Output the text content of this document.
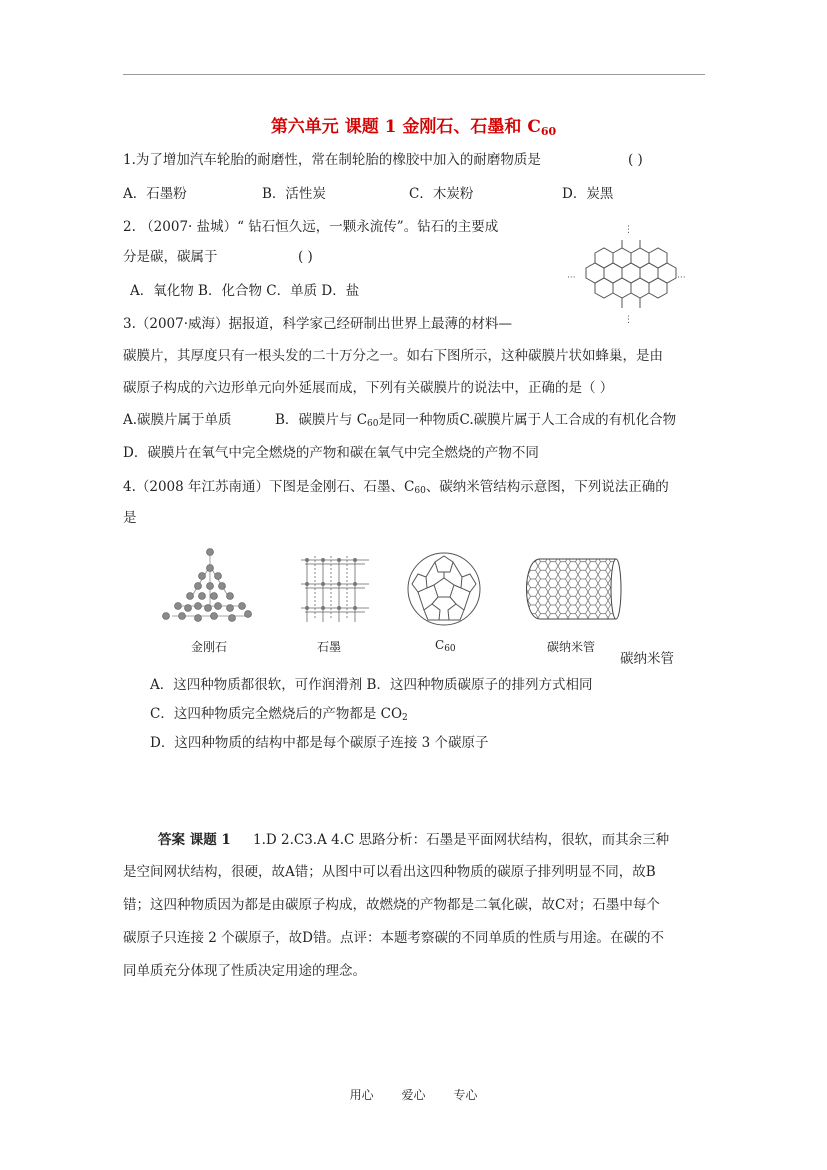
第六单元 课题 1 金刚石、石墨和 $C_{60}$
1.为了增加汽车轮胎的耐磨性，常在制轮胎的橡胶中加入的耐磨物质是	( )
A．石墨粉	B．活性炭	C．木炭粉	D．炭黑
2. （2007· 盐城）“ 钻石恒久远，一颗永流传”。钻石的主要成
分是碳，碳属于	( )
A．氧化物 B．化合物 C．单质 D．盐
⋮
···	···
⋮
3.（2007·威海）据报道，科学家己经研制出世界上最薄的材料—
碳膜片，其厚度只有一根头发的二十万分之一。如右下图所示，这种碳膜片状如蜂巢，是由
碳原子构成的六边形单元向外延展而成，下列有关碳膜片的说法中，正确的是（ ）
A.碳膜片属于单质	B．碳膜片与 $C_{60}$是同一种物质C.碳膜片属于人工合成的有机化合物
D．碳膜片在氧气中完全燃烧的产物和碳在氧气中完全燃烧的产物不同
4.（2008 年江苏南通）下图是金刚石、石墨、$C_{60}$、碳纳米管结构示意图，下列说法正确的
是
金刚石	石墨	$C_{60}$	碳纳米管
碳纳米管
A．这四种物质都很软，可作润滑剂 B．这四种物质碳原子的排列方式相同
C．这四种物质完全燃烧后的产物都是 $CO_2$
D．这四种物质的结构中都是每个碳原子连接 3 个碳原子
答案 课题 1 1.D 2.C3.A 4.C 思路分析：石墨是平面网状结构，很软，而其余三种
是空间网状结构，很硬，故A错；从图中可以看出这四种物质的碳原子排列明显不同，故B
错；这四种物质因为都是由碳原子构成，故燃烧的产物都是二氧化碳，故C对；石墨中每个
碳原子只连接 2 个碳原子，故D错。点评：本题考察碳的不同单质的性质与用途。在碳的不
同单质充分体现了性质决定用途的理念。
用心 爱心 专心
